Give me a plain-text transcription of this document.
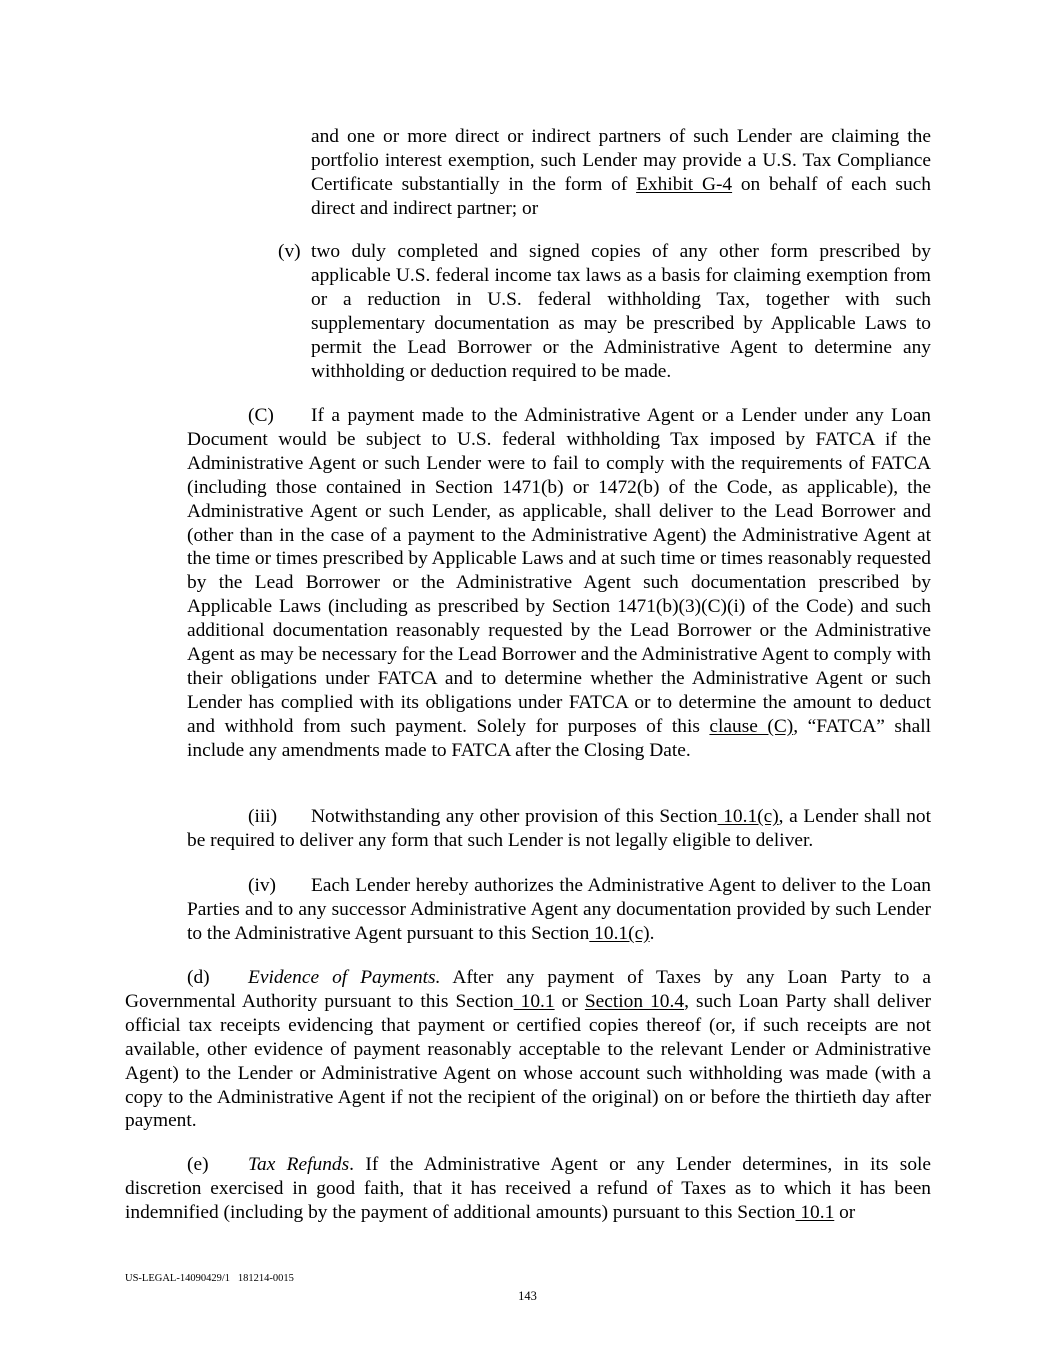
and one or more direct or indirect partners of such Lender are claiming the portfolio interest exemption, such Lender may provide a U.S. Tax Compliance Certificate substantially in the form of Exhibit G-4 on behalf of each such direct and indirect partner; or
(v) two duly completed and signed copies of any other form prescribed by applicable U.S. federal income tax laws as a basis for claiming exemption from or a reduction in U.S. federal withholding Tax, together with such supplementary documentation as may be prescribed by Applicable Laws to permit the Lead Borrower or the Administrative Agent to determine any withholding or deduction required to be made.
(C) If a payment made to the Administrative Agent or a Lender under any Loan Document would be subject to U.S. federal withholding Tax imposed by FATCA if the Administrative Agent or such Lender were to fail to comply with the requirements of FATCA (including those contained in Section 1471(b) or 1472(b) of the Code, as applicable), the Administrative Agent or such Lender, as applicable, shall deliver to the Lead Borrower and (other than in the case of a payment to the Administrative Agent) the Administrative Agent at the time or times prescribed by Applicable Laws and at such time or times reasonably requested by the Lead Borrower or the Administrative Agent such documentation prescribed by Applicable Laws (including as prescribed by Section 1471(b)(3)(C)(i) of the Code) and such additional documentation reasonably requested by the Lead Borrower or the Administrative Agent as may be necessary for the Lead Borrower and the Administrative Agent to comply with their obligations under FATCA and to determine whether the Administrative Agent or such Lender has complied with its obligations under FATCA or to determine the amount to deduct and withhold from such payment. Solely for purposes of this clause (C), “FATCA” shall include any amendments made to FATCA after the Closing Date.
(iii) Notwithstanding any other provision of this Section 10.1(c), a Lender shall not be required to deliver any form that such Lender is not legally eligible to deliver.
(iv) Each Lender hereby authorizes the Administrative Agent to deliver to the Loan Parties and to any successor Administrative Agent any documentation provided by such Lender to the Administrative Agent pursuant to this Section 10.1(c).
(d) Evidence of Payments. After any payment of Taxes by any Loan Party to a Governmental Authority pursuant to this Section 10.1 or Section 10.4, such Loan Party shall deliver official tax receipts evidencing that payment or certified copies thereof (or, if such receipts are not available, other evidence of payment reasonably acceptable to the relevant Lender or Administrative Agent) to the Lender or Administrative Agent on whose account such withholding was made (with a copy to the Administrative Agent if not the recipient of the original) on or before the thirtieth day after payment.
(e) Tax Refunds. If the Administrative Agent or any Lender determines, in its sole discretion exercised in good faith, that it has received a refund of Taxes as to which it has been indemnified (including by the payment of additional amounts) pursuant to this Section 10.1 or
US-LEGAL-14090429/1   181214-0015
143
